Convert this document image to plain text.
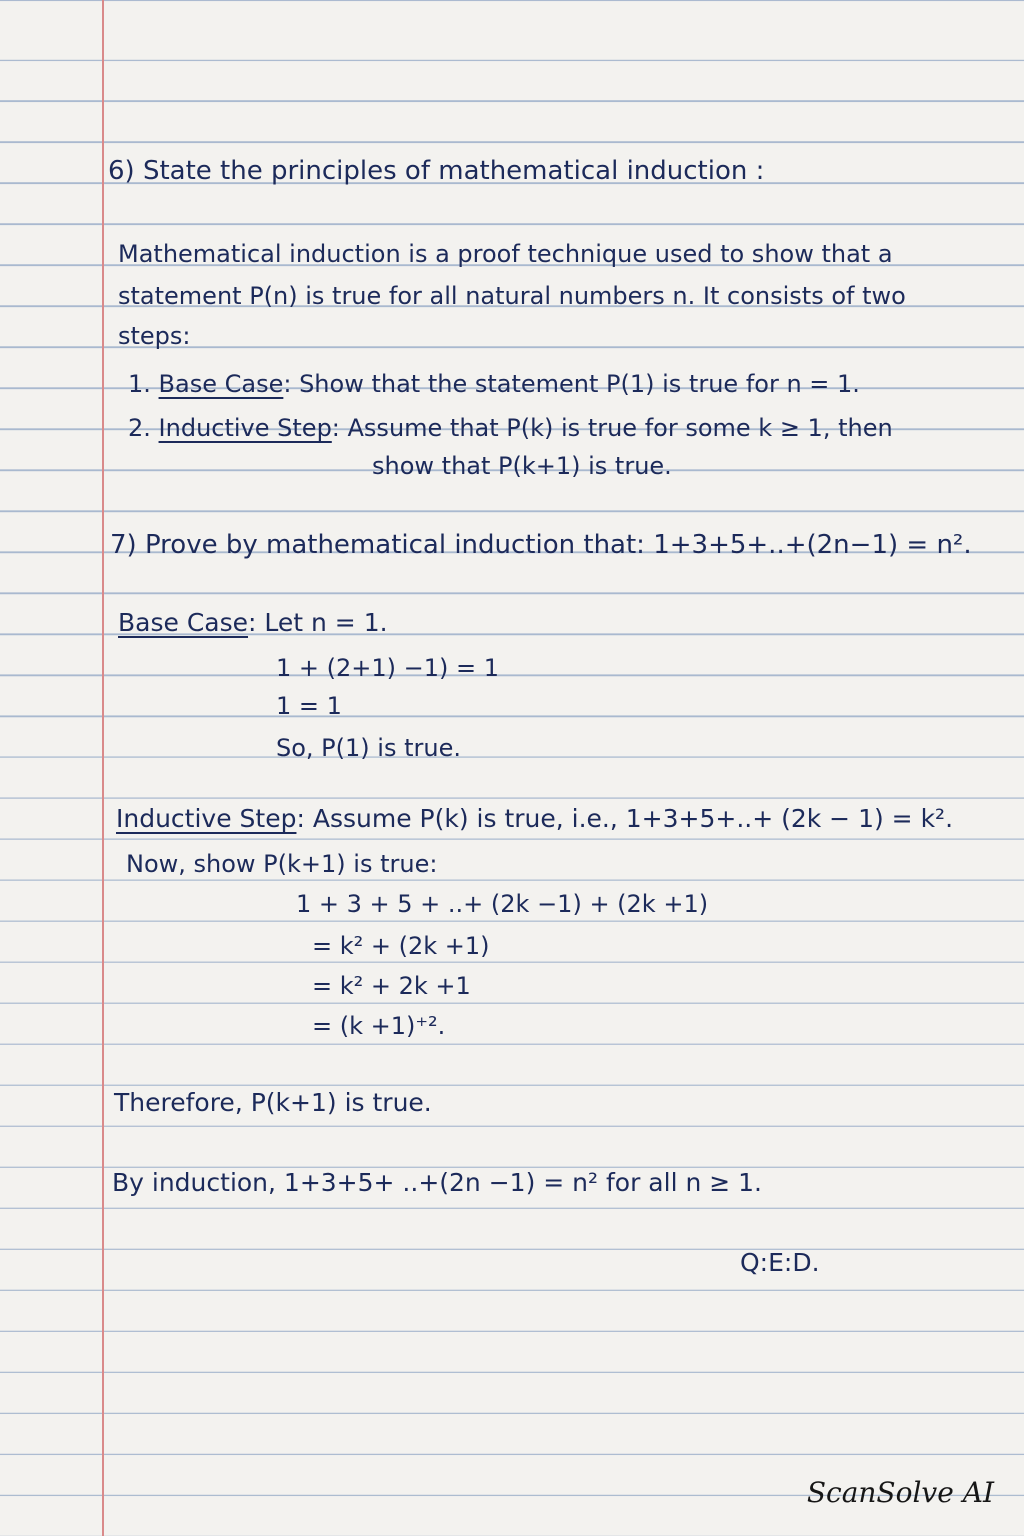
6) State the principles of mathematical induction :
Mathematical induction is a proof technique used to show that a
statement P(n) is true for all natural numbers n. It consists of two
steps:
1. Base Case: Show that the statement P(1) is true for n = 1.
2. Inductive Step: Assume that P(k) is true for some k ≥ 1, then
show that P(k+1) is true.
7) Prove by mathematical induction that: 1+3+5+..+(2n−1) = n².
Base Case: Let n = 1.
1 + (2+1) −1) = 1
1 = 1
So, P(1) is true.
Inductive Step: Assume P(k) is true, i.e., 1+3+5+..+ (2k − 1) = k².
Now, show P(k+1) is true:
1 + 3 + 5 + ..+ (2k −1) + (2k +1)
= k² + (2k +1)
= k² + 2k +1
= (k +1)⁺².
Therefore, P(k+1) is true.
By induction, 1+3+5+ ..+(2n −1) = n² for all n ≥ 1.
Q:E:D.
ScanSolve AI
